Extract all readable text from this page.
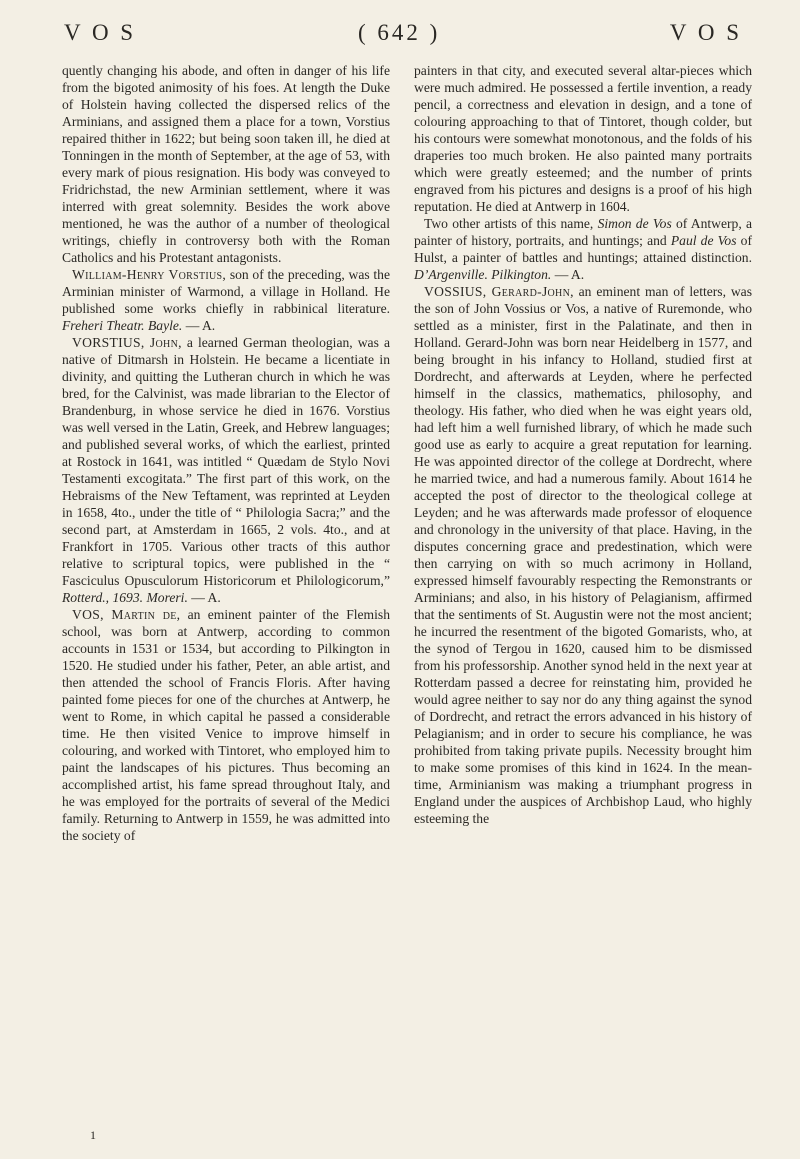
V O S	( 642 )	V O S

quently changing his abode, and often in danger of his life from the bigoted animosity of his foes. At length the Duke of Holstein having collected the dispersed relics of the Arminians, and assigned them a place for a town, Vorstius repaired thither in 1622; but being soon taken ill, he died at Tonningen in the month of September, at the age of 53, with every mark of pious resignation. His body was conveyed to Fridrichstad, the new Arminian settlement, where it was interred with great solemnity. Besides the work above mentioned, he was the author of a number of theological writings, chiefly in controversy both with the Roman Catholics and his Protestant antagonists.

William-Henry Vorstius, son of the preceding, was the Arminian minister of Warmond, a village in Holland. He published some works chiefly in rabbinical literature. Freheri Theatr. Bayle. — A.

VORSTIUS, John, a learned German theologian, was a native of Ditmarsh in Holstein. He became a licentiate in divinity, and quitting the Lutheran church in which he was bred, for the Calvinist, was made librarian to the Elector of Brandenburg, in whose service he died in 1676. Vorstius was well versed in the Latin, Greek, and Hebrew languages; and published several works, of which the earliest, printed at Rostock in 1641, was intitled “ Quædam de Stylo Novi Testamenti excogitata.” The first part of this work, on the Hebraisms of the New Teftament, was reprinted at Leyden in 1658, 4to., under the title of “ Philologia Sacra;” and the second part, at Amsterdam in 1665, 2 vols. 4to., and at Frankfort in 1705. Various other tracts of this author relative to scriptural topics, were published in the “ Fasciculus Opusculorum Historicorum et Philologicorum,” Rotterd., 1693. Moreri. — A.

VOS, Martin de, an eminent painter of the Flemish school, was born at Antwerp, according to common accounts in 1531 or 1534, but according to Pilkington in 1520. He studied under his father, Peter, an able artist, and then attended the school of Francis Floris. After having painted fome pieces for one of the churches at Antwerp, he went to Rome, in which capital he passed a considerable time. He then visited Venice to improve himself in colouring, and worked with Tintoret, who employed him to paint the landscapes of his pictures. Thus becoming an accomplished artist, his fame spread throughout Italy, and he was employed for the portraits of several of the Medici family. Returning to Antwerp in 1559, he was admitted into the society of

painters in that city, and executed several altar-pieces which were much admired. He possessed a fertile invention, a ready pencil, a correctness and elevation in design, and a tone of colouring approaching to that of Tintoret, though colder, but his contours were somewhat monotonous, and the folds of his draperies too much broken. He also painted many portraits which were greatly esteemed; and the number of prints engraved from his pictures and designs is a proof of his high reputation. He died at Antwerp in 1604.

Two other artists of this name, Simon de Vos of Antwerp, a painter of history, portraits, and huntings; and Paul de Vos of Hulst, a painter of battles and huntings; attained distinction. D’Argenville. Pilkington. — A.

VOSSIUS, Gerard-John, an eminent man of letters, was the son of John Vossius or Vos, a native of Ruremonde, who settled as a minister, first in the Palatinate, and then in Holland. Gerard-John was born near Heidelberg in 1577, and being brought in his infancy to Holland, studied first at Dordrecht, and afterwards at Leyden, where he perfected himself in the classics, mathematics, philosophy, and theology. His father, who died when he was eight years old, had left him a well furnished library, of which he made such good use as early to acquire a great reputation for learning. He was appointed director of the college at Dordrecht, where he married twice, and had a numerous family. About 1614 he accepted the post of director to the theological college at Leyden; and he was afterwards made professor of eloquence and chronology in the university of that place. Having, in the disputes concerning grace and predestination, which were then carrying on with so much acrimony in Holland, expressed himself favourably respecting the Remonstrants or Arminians; and also, in his history of Pelagianism, affirmed that the sentiments of St. Augustin were not the most ancient; he incurred the resentment of the bigoted Gomarists, who, at the synod of Tergou in 1620, caused him to be dismissed from his professorship. Another synod held in the next year at Rotterdam passed a decree for reinstating him, provided he would agree neither to say nor do any thing against the synod of Dordrecht, and retract the errors advanced in his history of Pelagianism; and in order to secure his compliance, he was prohibited from taking private pupils. Necessity brought him to make some promises of this kind in 1624. In the mean-time, Arminianism was making a triumphant progress in England under the auspices of Archbishop Laud, who highly esteeming the

1
